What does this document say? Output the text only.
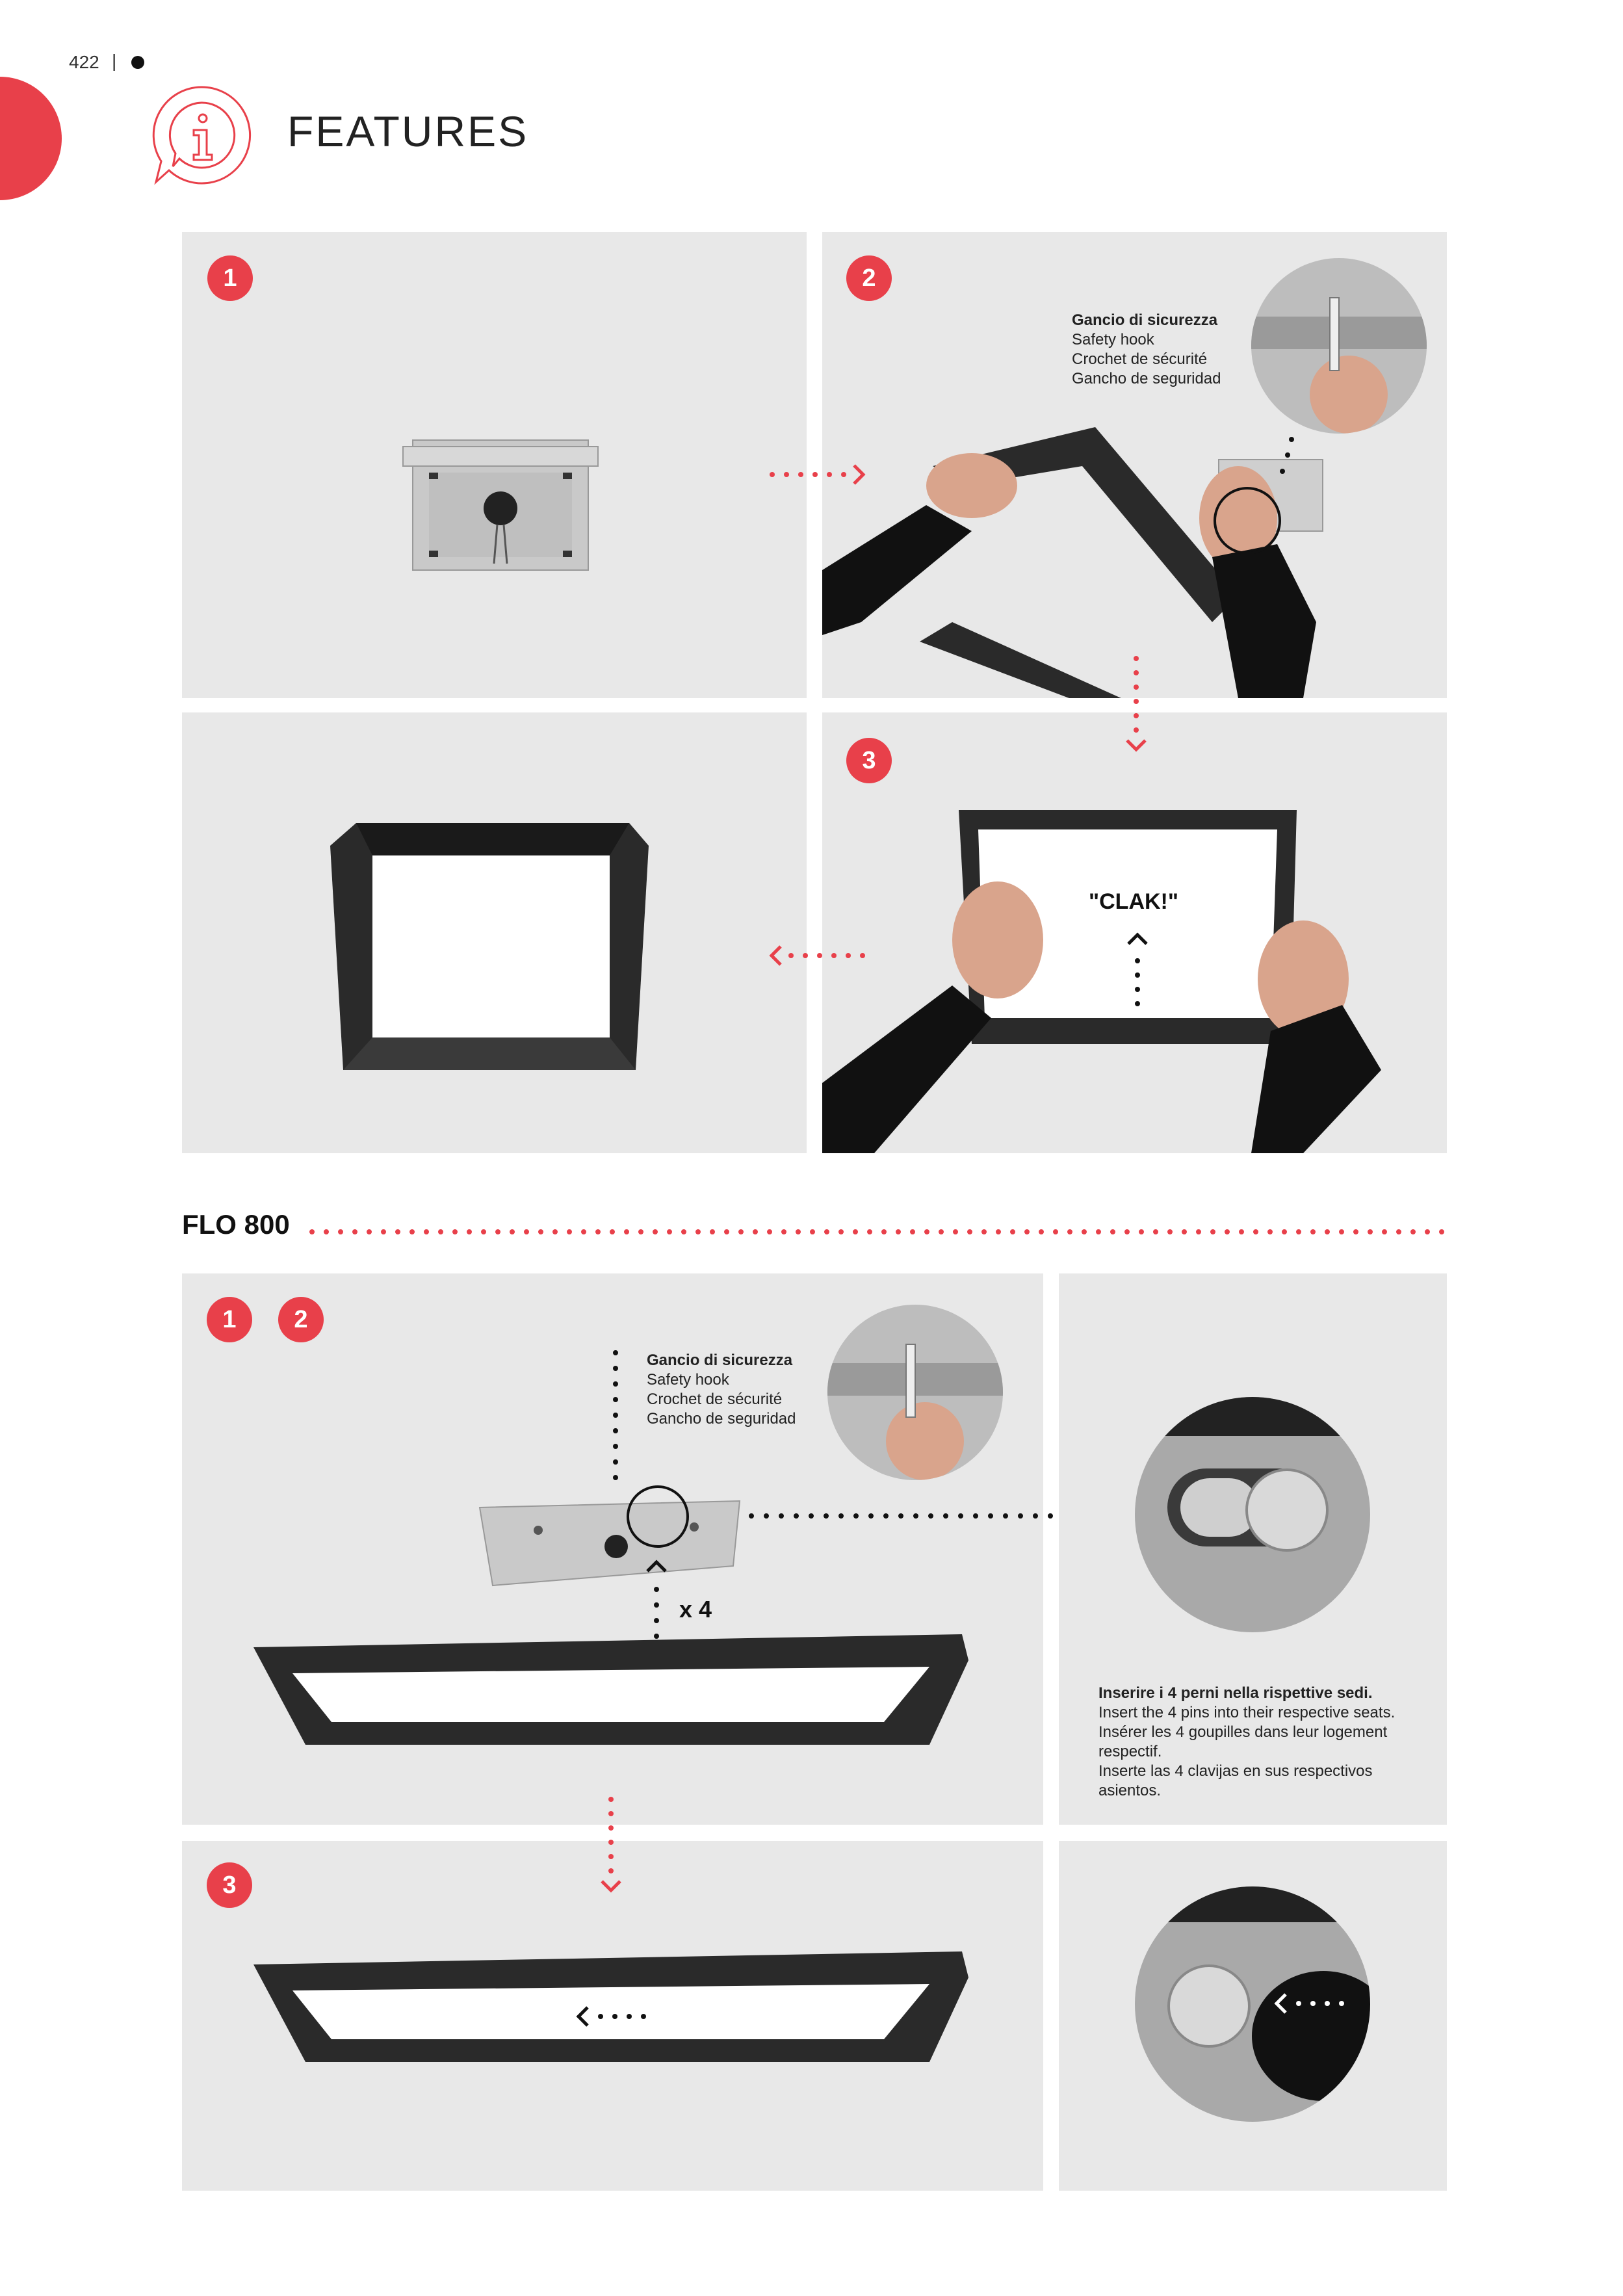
422 |
FEATURES
1	2
Gancio di sicurezza
Safety hook
Crochet de sécurité
Gancho de seguridad
3
"CLAK!"
FLO 800
1	2
Gancio di sicurezza
Safety hook
Crochet de sécurité
Gancho de seguridad
x 4
Inserire i 4 perni nella rispettive sedi.
Insert the 4 pins into their respective seats.
Insérer les 4 goupilles dans leur logement respectif.
Inserte las 4 clavijas en sus respectivos asientos.
3
